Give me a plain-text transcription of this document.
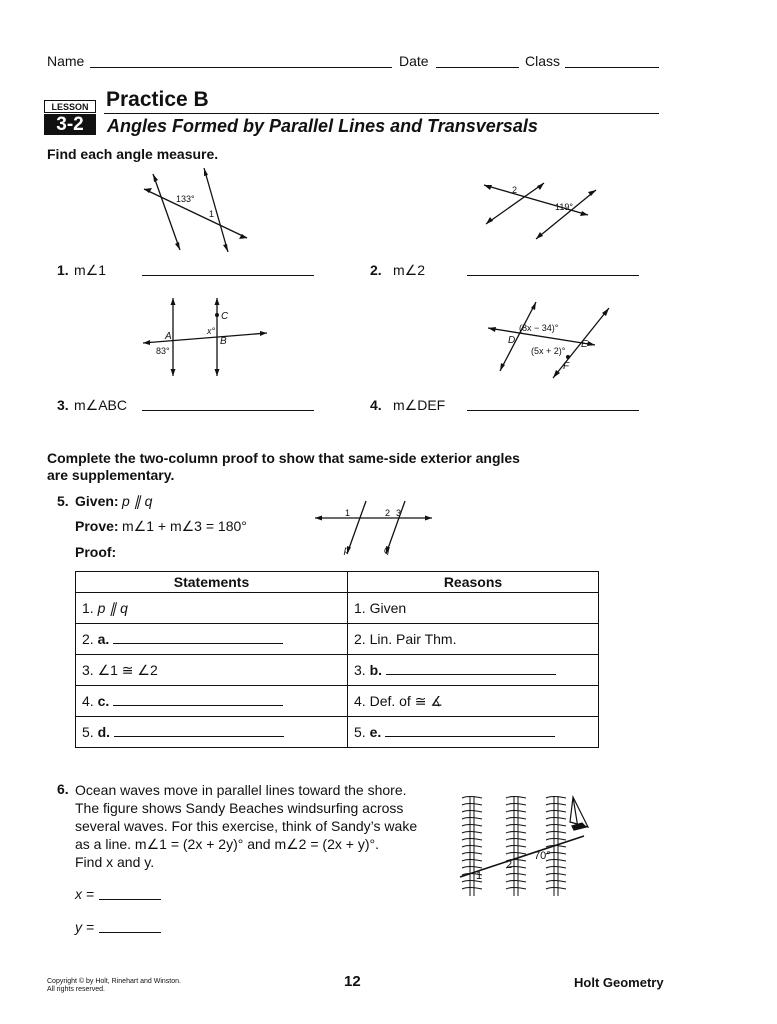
Name	Date	Class
LESSON
3-2
Practice B
Angles Formed by Parallel Lines and Transversals
Find each angle measure.
133°
1
2
119°
1. m∠1	2. m∠2
C
A	x°
B
83°
(8x − 34)°
D	E
(5x + 2)°
F
3. m∠ABC	4. m∠DEF
Complete the two-column proof to show that same-side exterior angles
are supplementary.
5. Given: p ∥ q
Prove: m∠1 + m∠3 = 180°
Proof:
1	2 3
p	q
Statements	Reasons
1. p ∥ q	1. Given
2. a.	2. Lin. Pair Thm.
3. ∠1 ≅ ∠2	3. b.
4. c.	4. Def. of ≅ ∡
5. d.	5. e.
6. Ocean waves move in parallel lines toward the shore.
The figure shows Sandy Beaches windsurfing across
several waves. For this exercise, think of Sandy’s wake
as a line. m∠1 = (2x + 2y)° and m∠2 = (2x + y)°.
Find x and y.
x =
y =
70°
2
1
Copyright © by Holt, Rinehart and Winston.
All rights reserved.	12	Holt Geometry
